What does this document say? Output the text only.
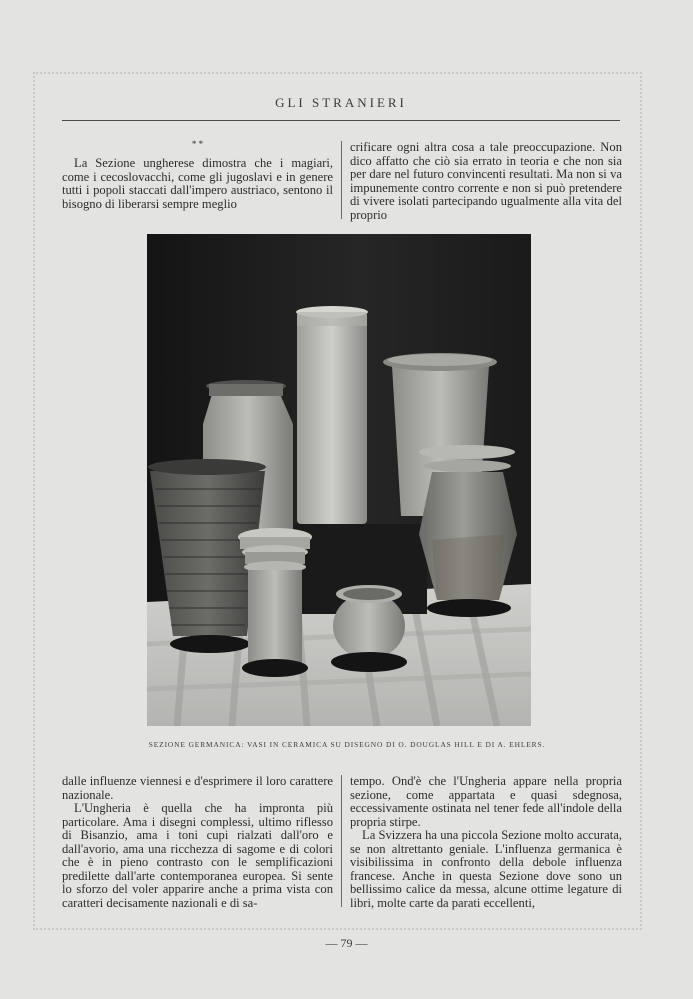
GLI STRANIERI
* *

La Sezione ungherese dimostra che i magiari, come i cecoslovacchi, come gli jugoslavi e in genere tutti i popoli staccati dall'impero austriaco, sentono il bisogno di liberarsi sempre meglio

crificare ogni altra cosa a tale preoccupazione. Non dico affatto che ciò sia errato in teoria e che non sia per dare nel futuro convincenti resultati. Ma non si va impunemente contro corrente e non si può pretendere di vivere isolati partecipando ugualmente alla vita del proprio

SEZIONE GERMANICA: VASI IN CERAMICA SU DISEGNO DI O. DOUGLAS HILL E DI A. EHLERS.

dalle influenze viennesi e d'esprimere il loro carattere nazionale.

L'Ungheria è quella che ha impronta più particolare. Ama i disegni complessi, ultimo riflesso di Bisanzio, ama i toni cupi rialzati dall'oro e dall'avorio, ama una ricchezza di sagome e di colori che è in pieno contrasto con le semplificazioni predilette dall'arte contemporanea europea. Si sente lo sforzo del voler apparire anche a prima vista con caratteri decisamente nazionali e di sa-

tempo. Ond'è che l'Ungheria appare nella propria sezione, come appartata e quasi sdegnosa, eccessivamente ostinata nel tener fede all'indole della propria stirpe.

La Svizzera ha una piccola Sezione molto accurata, se non altrettanto geniale. L'influenza germanica è visibilissima in confronto della debole influenza francese. Anche in questa Sezione dove sono un bellissimo calice da messa, alcune ottime legature di libri, molte carte da parati eccellenti,

— 79 —
